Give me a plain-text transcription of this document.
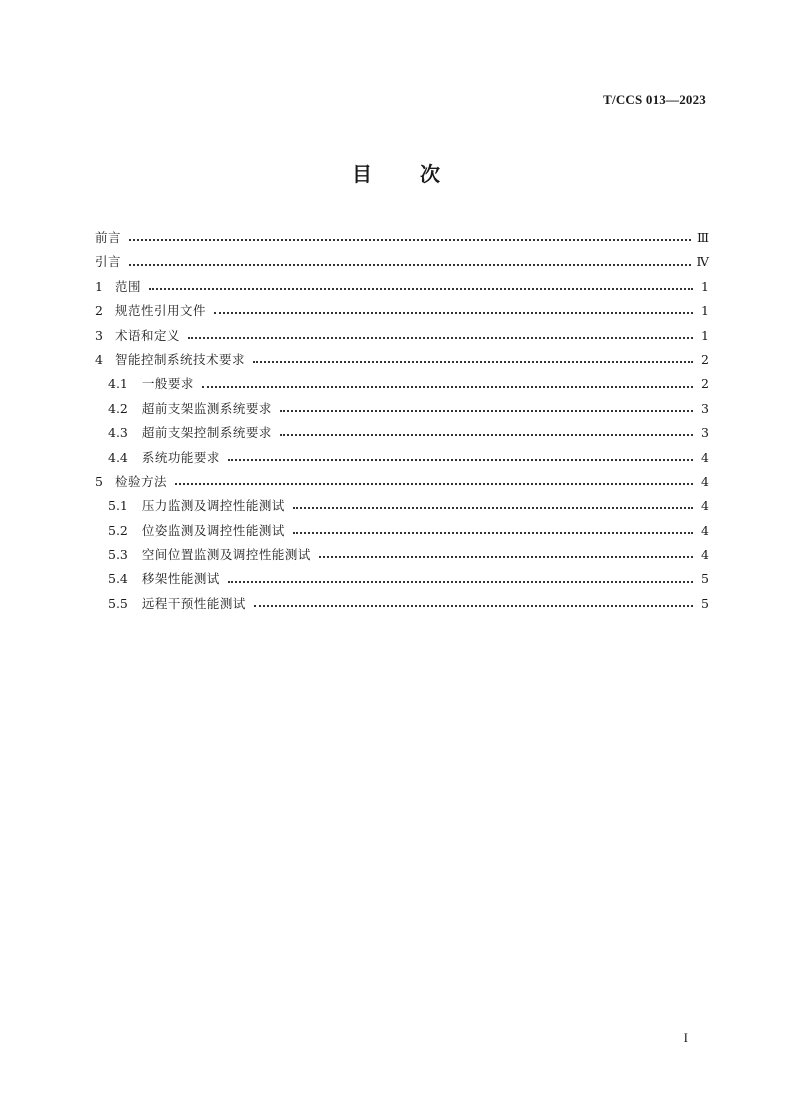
T/CCS 013—2023
目 次
前言	Ⅲ
引言	Ⅳ
1 范围	1
2 规范性引用文件	1
3 术语和定义	1
4 智能控制系统技术要求	2
4.1 一般要求	2
4.2 超前支架监测系统要求	3
4.3 超前支架控制系统要求	3
4.4 系统功能要求	4
5 检验方法	4
5.1 压力监测及调控性能测试	4
5.2 位姿监测及调控性能测试	4
5.3 空间位置监测及调控性能测试	4
5.4 移架性能测试	5
5.5 远程干预性能测试	5
I
